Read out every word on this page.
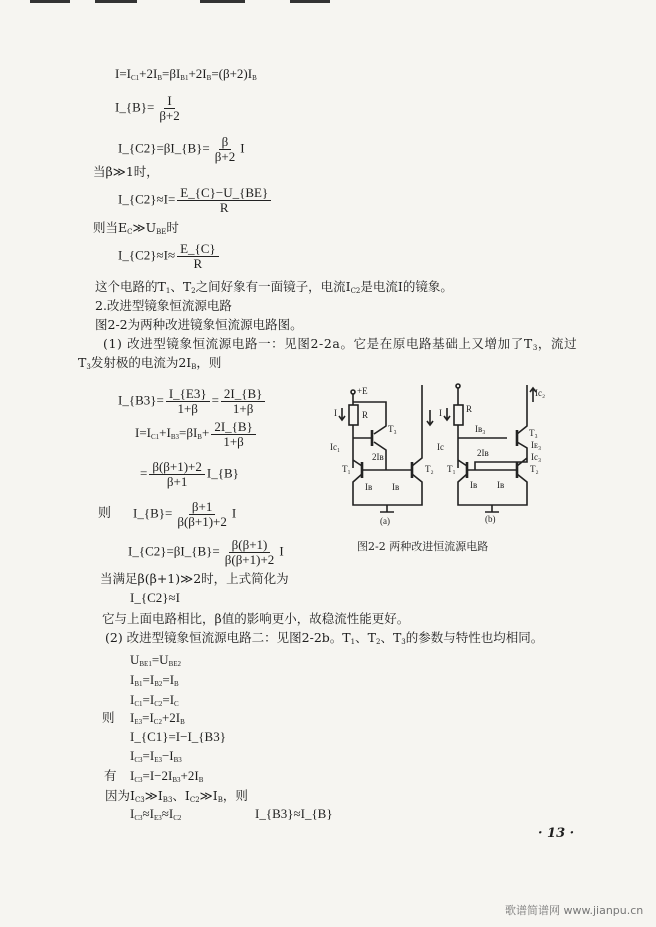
$I=I_{C1}+2I_B=\beta I_{B1}+2I_B=(\beta+2)I_B$
I_{B}= $\frac{I}{\beta+2}$
I_{C2}=βI_{B}= $\frac{\beta}{\beta+2}$ I
当β≫1时，
I_{C2}≈I= $\frac{E\_\{C\}-U\_\{BE\}}{R}$
则当$E_C≫U_{BE}$时
I_{C2}≈I≈ $\frac{E\_\{C\}}{R}$
这个电路的$T_1$、$T_2$之间好象有一面镜子，电流$I_{C2}$是电流I的镜象。
2.改进型镜象恒流源电路
图2-2为两种改进镜象恒流源电路图。
(1) 改进型镜象恒流源电路一：见图2-2a。它是在原电路基础上又增加了$T_3$，流过
$T_3$发射极的电流为$2I_B$，则
I_{B3}= $\frac{I\_\{E3\}}{1+\beta} = \frac{2I\_\{B\}}{1+\beta}$
$I=I_{C1}+I_{B3}=\beta I_B+ \frac{2I\_\{B\}}{1+\beta}$
= $\frac{\beta(\beta+1)+2}{\beta+1}$ I_{B}
则 I_{B}= $\frac{\beta+1}{\beta(\beta+1)+2}$ I
I_{C2}=βI_{B}= $\frac{\beta(\beta+1)}{\beta(\beta+1)+2}$ I
当满足β(β+1)≫2时，上式简化为
I_{C2}≈I
它与上面电路相比，β值的影响更小，故稳流性能更好。
(2) 改进型镜象恒流源电路二：见图2-2b。$T_1$、$T_2$、$T_3$的参数与特性也均相同。
$U_{BE1}=U_{BE2}$
$I_{B1}=I_{B2}=I_B$
$I_{C1}=I_{C2}=I_C$
则 $I_{E3}=I_{C2}+2I_B$
I_{C1}=I−I_{B3}
$I_{C3}=I_{E3}-I_{B3}$
有 $I_{C3}=I-2I_{B3}+2I_B$
因为$I_{C3}≫I_{B3}$、$I_{C2}≫I_B$，则
$I_{C3}\approx I_{E3}\approx I_{C2}$	I_{B3}≈I_{B}
+E
I	R
T₃
Ic₁
2Iʙ
T₁	T₂
Iʙ Iʙ
(a)
I	R
Iʙ₃
Ic₂
T₃
Iᴇ₃
Ic₃
Ic
2Iʙ
T₁	T₂
Iʙ Iʙ
(b)
图2-2 两种改进恒流源电路
· 13 ·
歌谱简谱网 www.jianpu.cn
